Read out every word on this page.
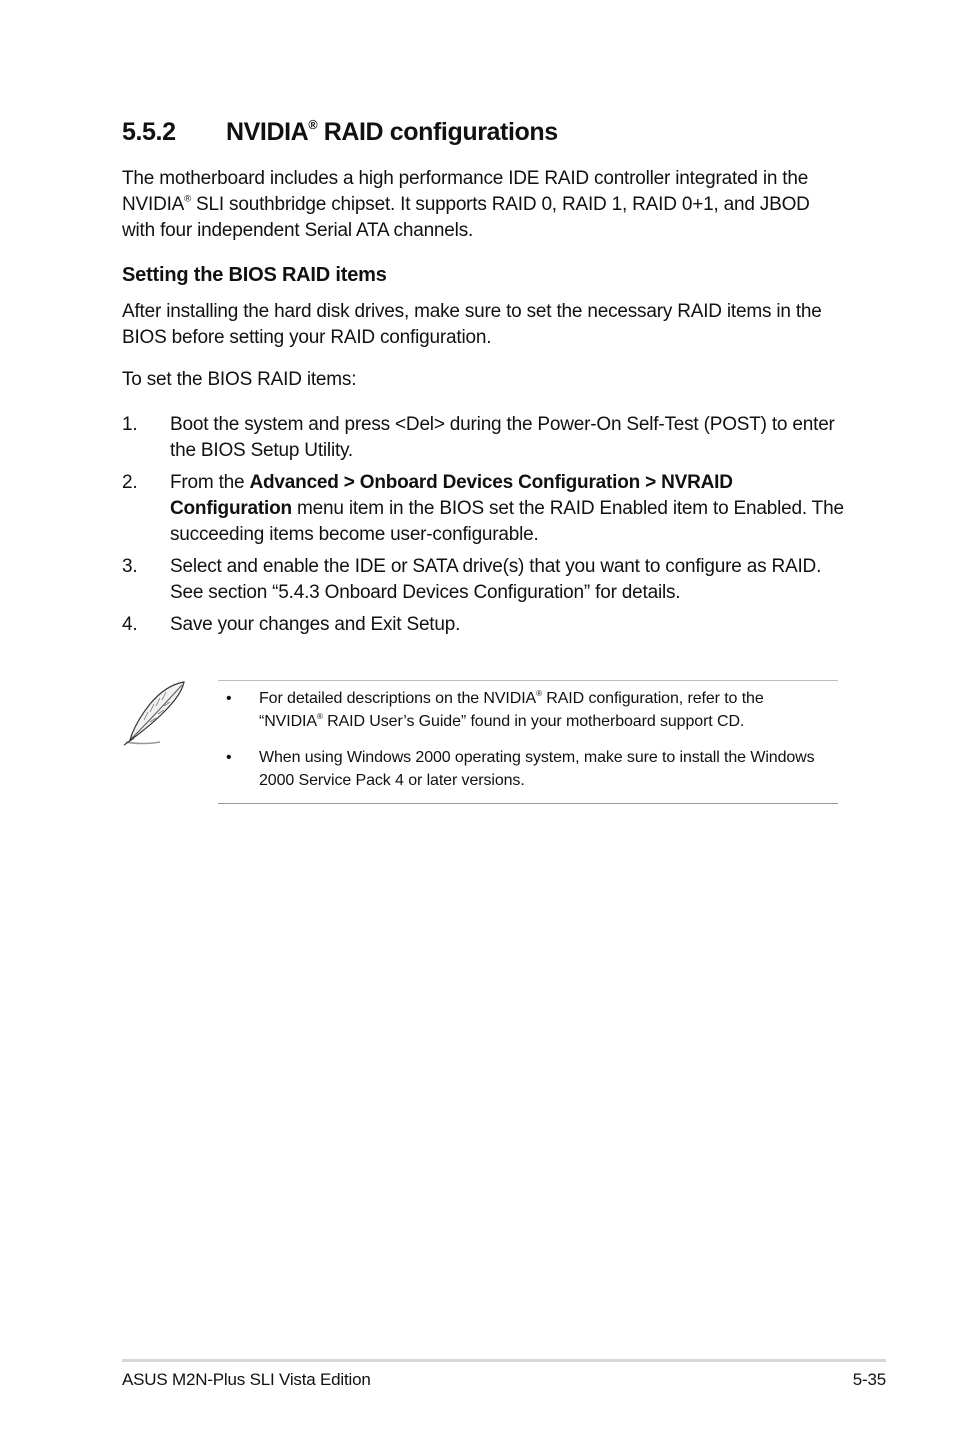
5.5.2 NVIDIA® RAID configurations
The motherboard includes a high performance IDE RAID controller integrated in the NVIDIA® SLI southbridge chipset. It supports RAID 0, RAID 1, RAID 0+1, and JBOD with four independent Serial ATA channels.
Setting the BIOS RAID items
After installing the hard disk drives, make sure to set the necessary RAID items in the BIOS before setting your RAID configuration.
To set the BIOS RAID items:
1. Boot the system and press <Del> during the Power-On Self-Test (POST) to enter the BIOS Setup Utility.
2. From the Advanced > Onboard Devices Configuration > NVRAID Configuration menu item in the BIOS set the RAID Enabled item to Enabled. The succeeding items become user-configurable.
3. Select and enable the IDE or SATA drive(s) that you want to configure as RAID. See section “5.4.3 Onboard Devices Configuration” for details.
4. Save your changes and Exit Setup.
• For detailed descriptions on the NVIDIA® RAID configuration, refer to the “NVIDIA® RAID User’s Guide” found in your motherboard support CD.
• When using Windows 2000 operating system, make sure to install the Windows 2000 Service Pack 4 or later versions.
ASUS M2N-Plus SLI Vista Edition	5-35
